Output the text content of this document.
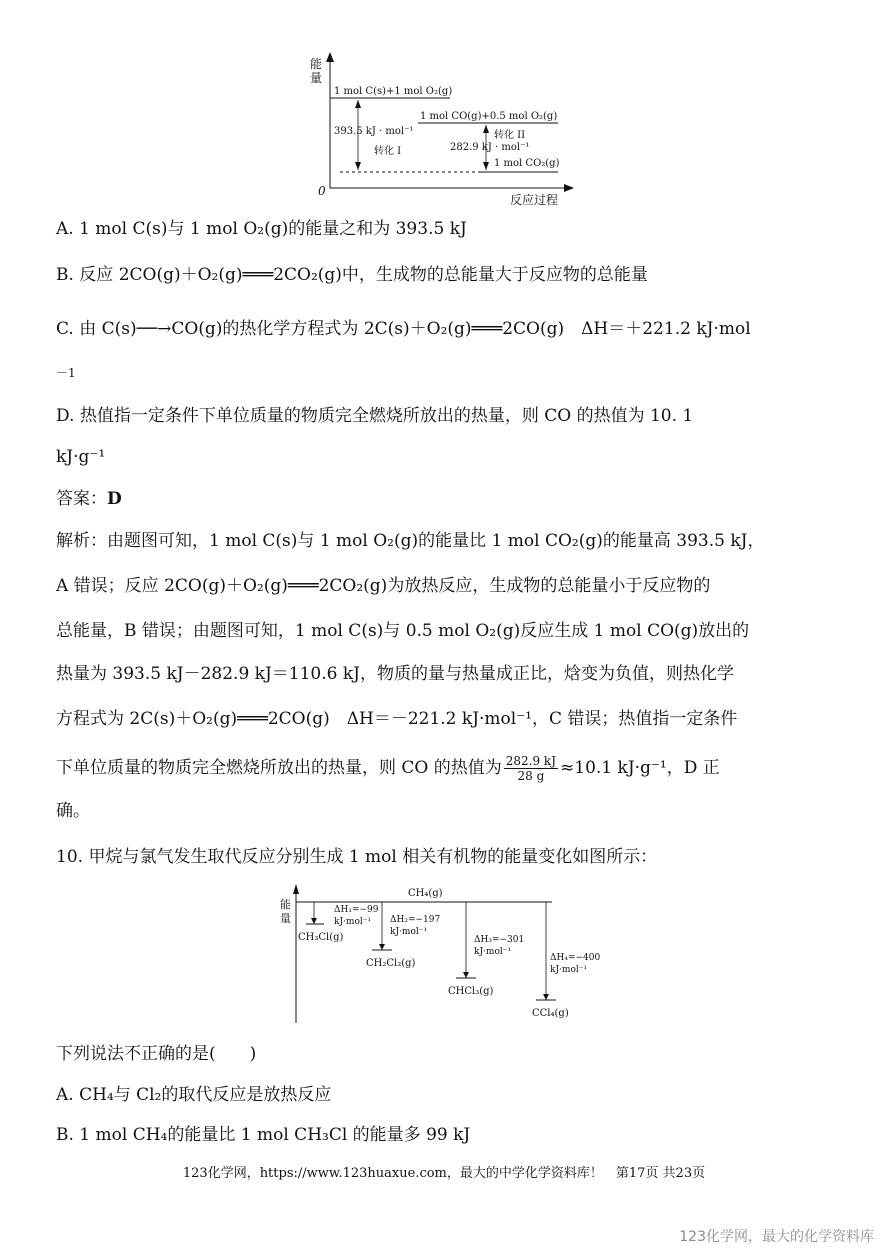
能
量
0
反应过程
1 mol C(s)+1 mol O₂(g)
1 mol CO(g)+0.5 mol O₂(g)
1 mol CO₂(g)
393.5 kJ · mol⁻¹
转化 I
转化 II
282.9 kJ · mol⁻¹
A. 1 mol C(s)与 1 mol O₂(g)的能量之和为 393.5 kJ
B. 反应 2CO(g)＋O₂(g)═══2CO₂(g)中，生成物的总能量大于反应物的总能量
C. 由 C(s)──→CO(g)的热化学方程式为 2C(s)＋O₂(g)═══2CO(g)　ΔH＝＋221.2 kJ·mol
－1
D. 热值指一定条件下单位质量的物质完全燃烧所放出的热量，则 CO 的热值为 10. 1
kJ·g⁻¹
答案：D
解析：由题图可知，1 mol C(s)与 1 mol O₂(g)的能量比 1 mol CO₂(g)的能量高 393.5 kJ，
A 错误；反应 2CO(g)＋O₂(g)═══2CO₂(g)为放热反应，生成物的总能量小于反应物的
总能量，B 错误；由题图可知，1 mol C(s)与 0.5 mol O₂(g)反应生成 1 mol CO(g)放出的
热量为 393.5 kJ－282.9 kJ＝110.6 kJ，物质的量与热量成正比，焓变为负值，则热化学
方程式为 2C(s)＋O₂(g)═══2CO(g)　ΔH＝－221.2 kJ·mol⁻¹，C 错误；热值指一定条件
下单位质量的物质完全燃烧所放出的热量，则 CO 的热值为 $\frac{282.9 kJ}{28 g} \approx 10.1$ kJ·g⁻¹，D 正
确。
10. 甲烷与氯气发生取代反应分别生成 1 mol 相关有机物的能量变化如图所示：
能
量
CH₄(g)
ΔH₁=−99
kJ·mol⁻¹
CH₃Cl(g)
ΔH₂=−197
kJ·mol⁻¹
CH₂Cl₂(g)
ΔH₃=−301
kJ·mol⁻¹
CHCl₃(g)
ΔH₄=−400
kJ·mol⁻¹
CCl₄(g)
下列说法不正确的是(　　)
A. CH₄与 Cl₂的取代反应是放热反应
B. 1 mol CH₄的能量比 1 mol CH₃Cl 的能量多 99 kJ
123化学网，https://www.123huaxue.com，最大的中学化学资料库！　第17页 共23页
123化学网，最大的化学资料库
